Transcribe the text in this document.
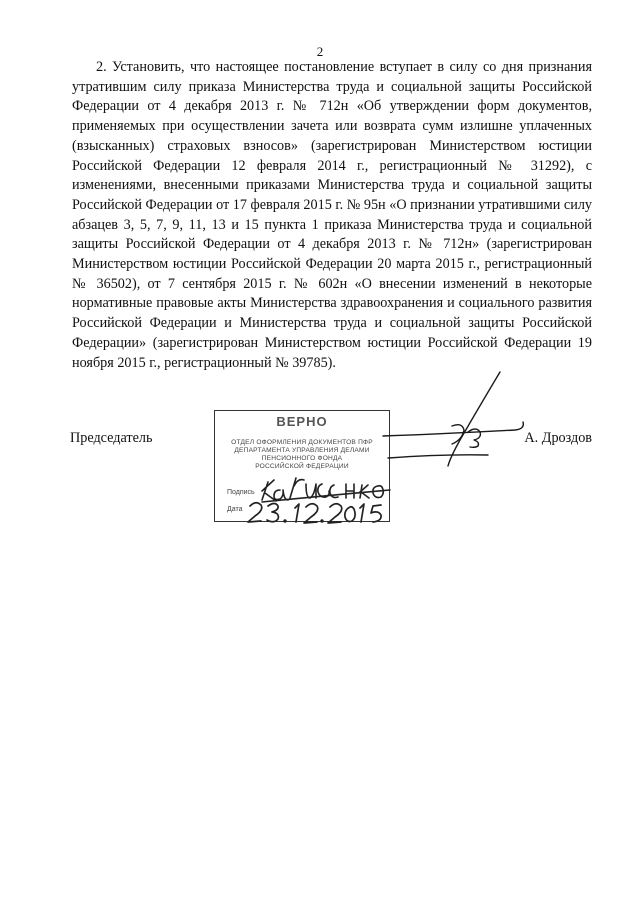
2

2. Установить, что настоящее постановление вступает в силу со дня признания утратившим силу приказа Министерства труда и социальной защиты Российской Федерации от 4 декабря 2013 г. № 712н «Об утверждении форм документов, применяемых при осуществлении зачета или возврата сумм излишне уплаченных (взысканных) страховых взносов» (зарегистрирован Министерством юстиции Российской Федерации 12 февраля 2014 г., регистрационный № 31292), с изменениями, внесенными приказами Министерства труда и социальной защиты Российской Федерации от 17 февраля 2015 г. № 95н «О признании утратившими силу абзацев 3, 5, 7, 9, 11, 13 и 15 пункта 1 приказа Министерства труда и социальной защиты Российской Федерации от 4 декабря 2013 г. № 712н» (зарегистрирован Министерством юстиции Российской Федерации 20 марта 2015 г., регистрационный № 36502), от 7 сентября 2015 г. № 602н «О внесении изменений в некоторые нормативные правовые акты Министерства здравоохранения и социального развития Российской Федерации и Министерства труда и социальной защиты Российской Федерации» (зарегистрирован Министерством юстиции Российской Федерации 19 ноября 2015 г., регистрационный № 39785).

Председатель	А. Дроздов
ВЕРНО
ОТДЕЛ ОФОРМЛЕНИЯ ДОКУМЕНТОВ ПФР
ДЕПАРТАМЕНТА УПРАВЛЕНИЯ ДЕЛАМИ
ПЕНСИОННОГО ФОНДА
РОССИЙСКОЙ ФЕДЕРАЦИИ
Подпись
Дата
